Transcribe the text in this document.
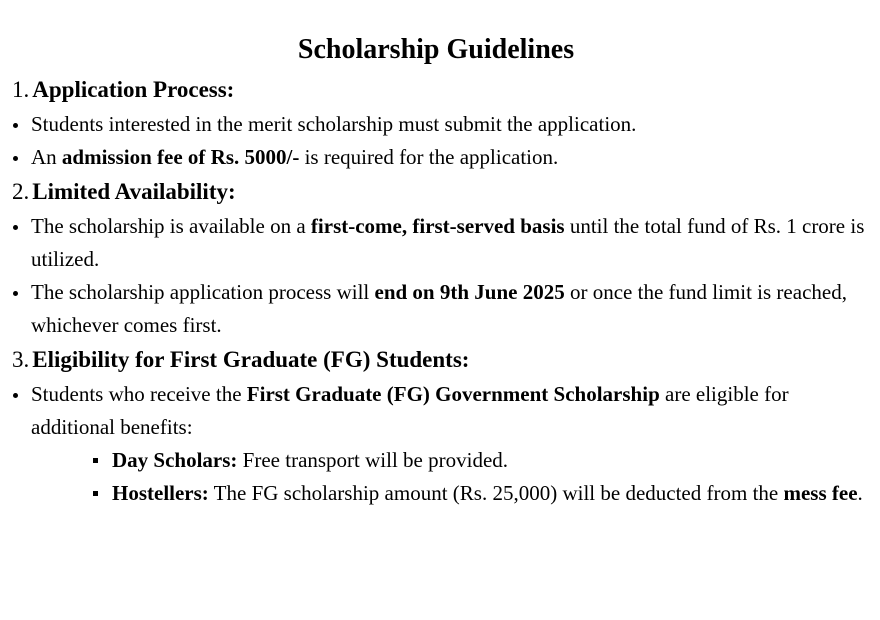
Scholarship Guidelines
1. Application Process:
Students interested in the merit scholarship must submit the application.
An admission fee of Rs. 5000/- is required for the application.
2. Limited Availability:
The scholarship is available on a first-come, first-served basis until the total fund of Rs. 1 crore is utilized.
The scholarship application process will end on 9th June 2025 or once the fund limit is reached, whichever comes first.
3. Eligibility for First Graduate (FG) Students:
Students who receive the First Graduate (FG) Government Scholarship are eligible for additional benefits:
Day Scholars: Free transport will be provided.
Hostellers: The FG scholarship amount (Rs. 25,000) will be deducted from the mess fee.
